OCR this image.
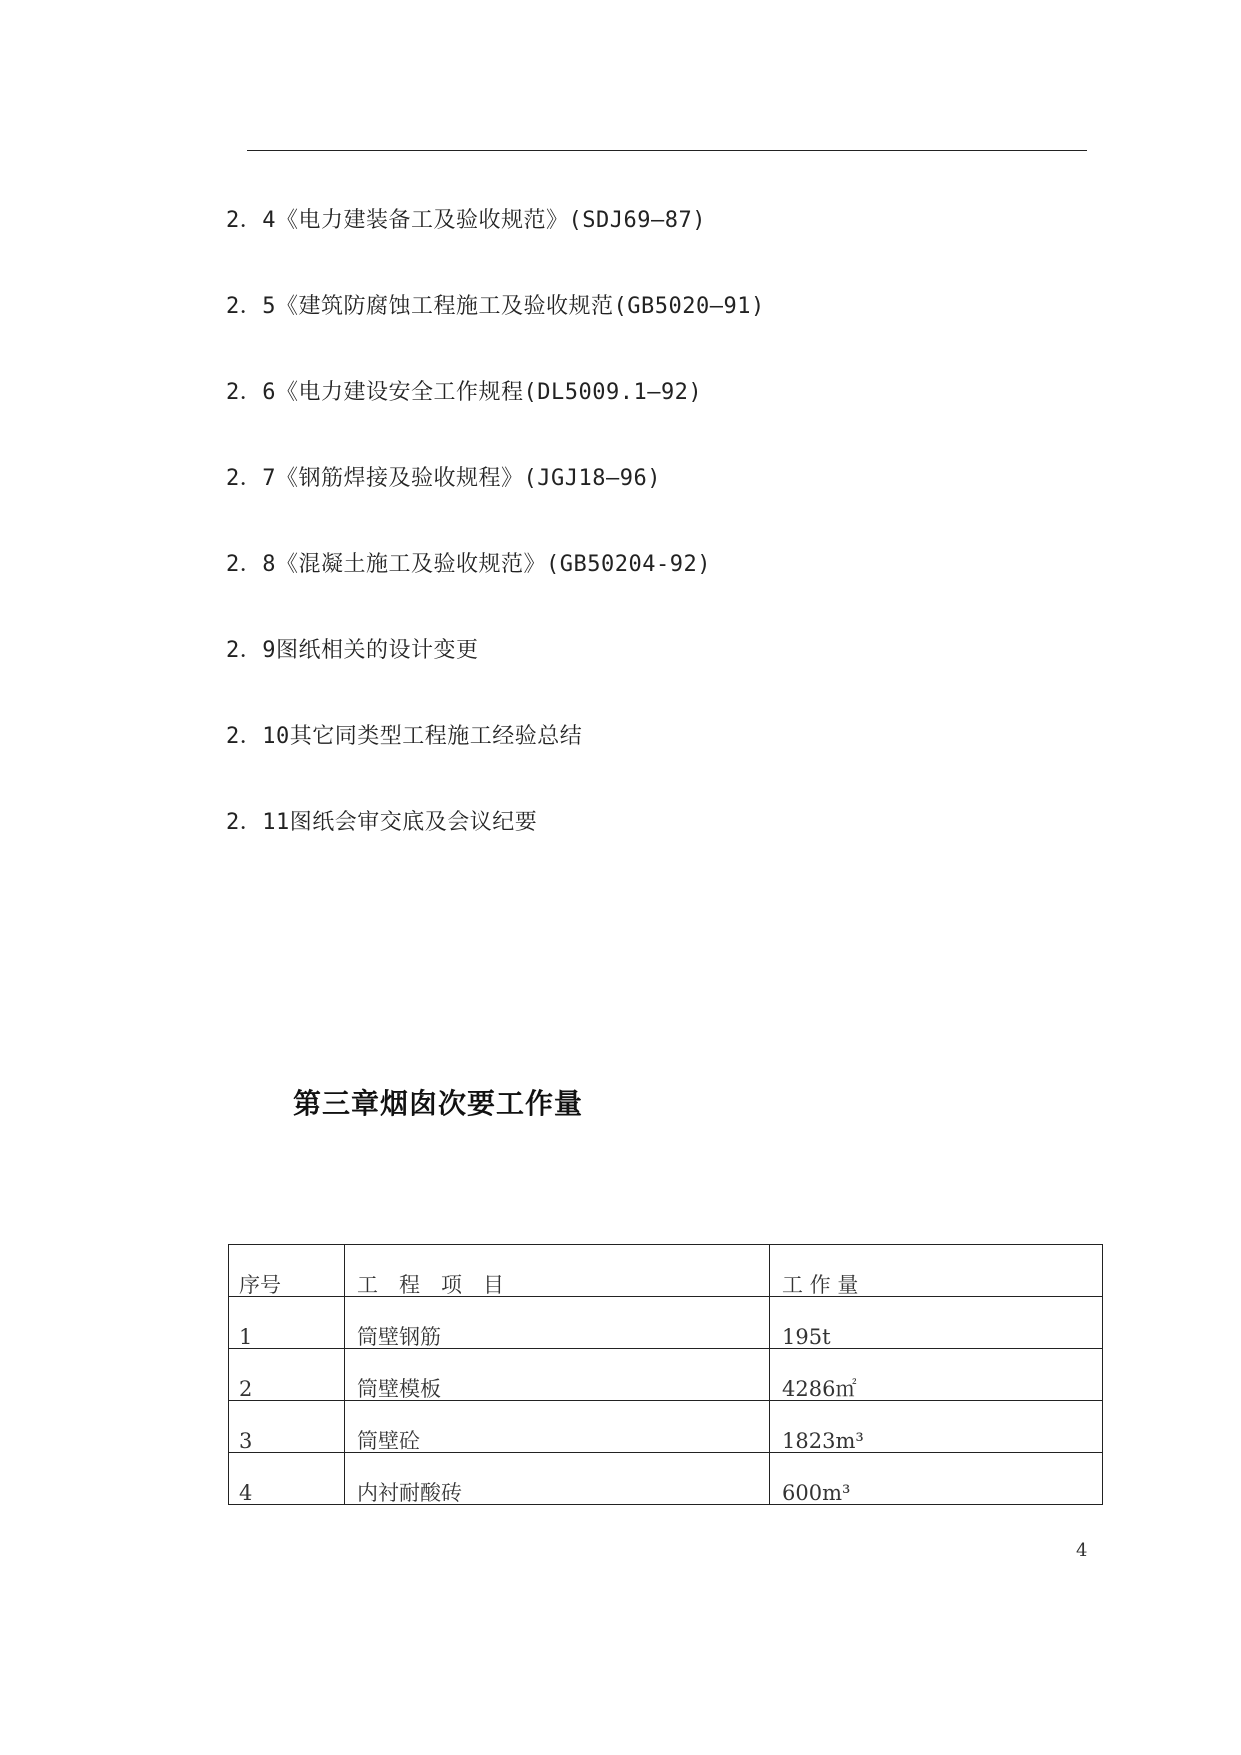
2．4《电力建装备工及验收规范》(SDJ69—87)
2．5《建筑防腐蚀工程施工及验收规范(GB5020—91)
2．6《电力建设安全工作规程(DL5009.1—92)
2．7《钢筋焊接及验收规程》(JGJ18—96)
2．8《混凝土施工及验收规范》(GB50204-92)
2．9图纸相关的设计变更
2．10其它同类型工程施工经验总结
2．11图纸会审交底及会议纪要
第三章烟囱次要工作量
序号	工　程　项　目	工 作 量
1	筒壁钢筋	195t
2	筒壁模板	4286㎡
3	筒壁砼	1823m³
4	内衬耐酸砖	600m³
4
